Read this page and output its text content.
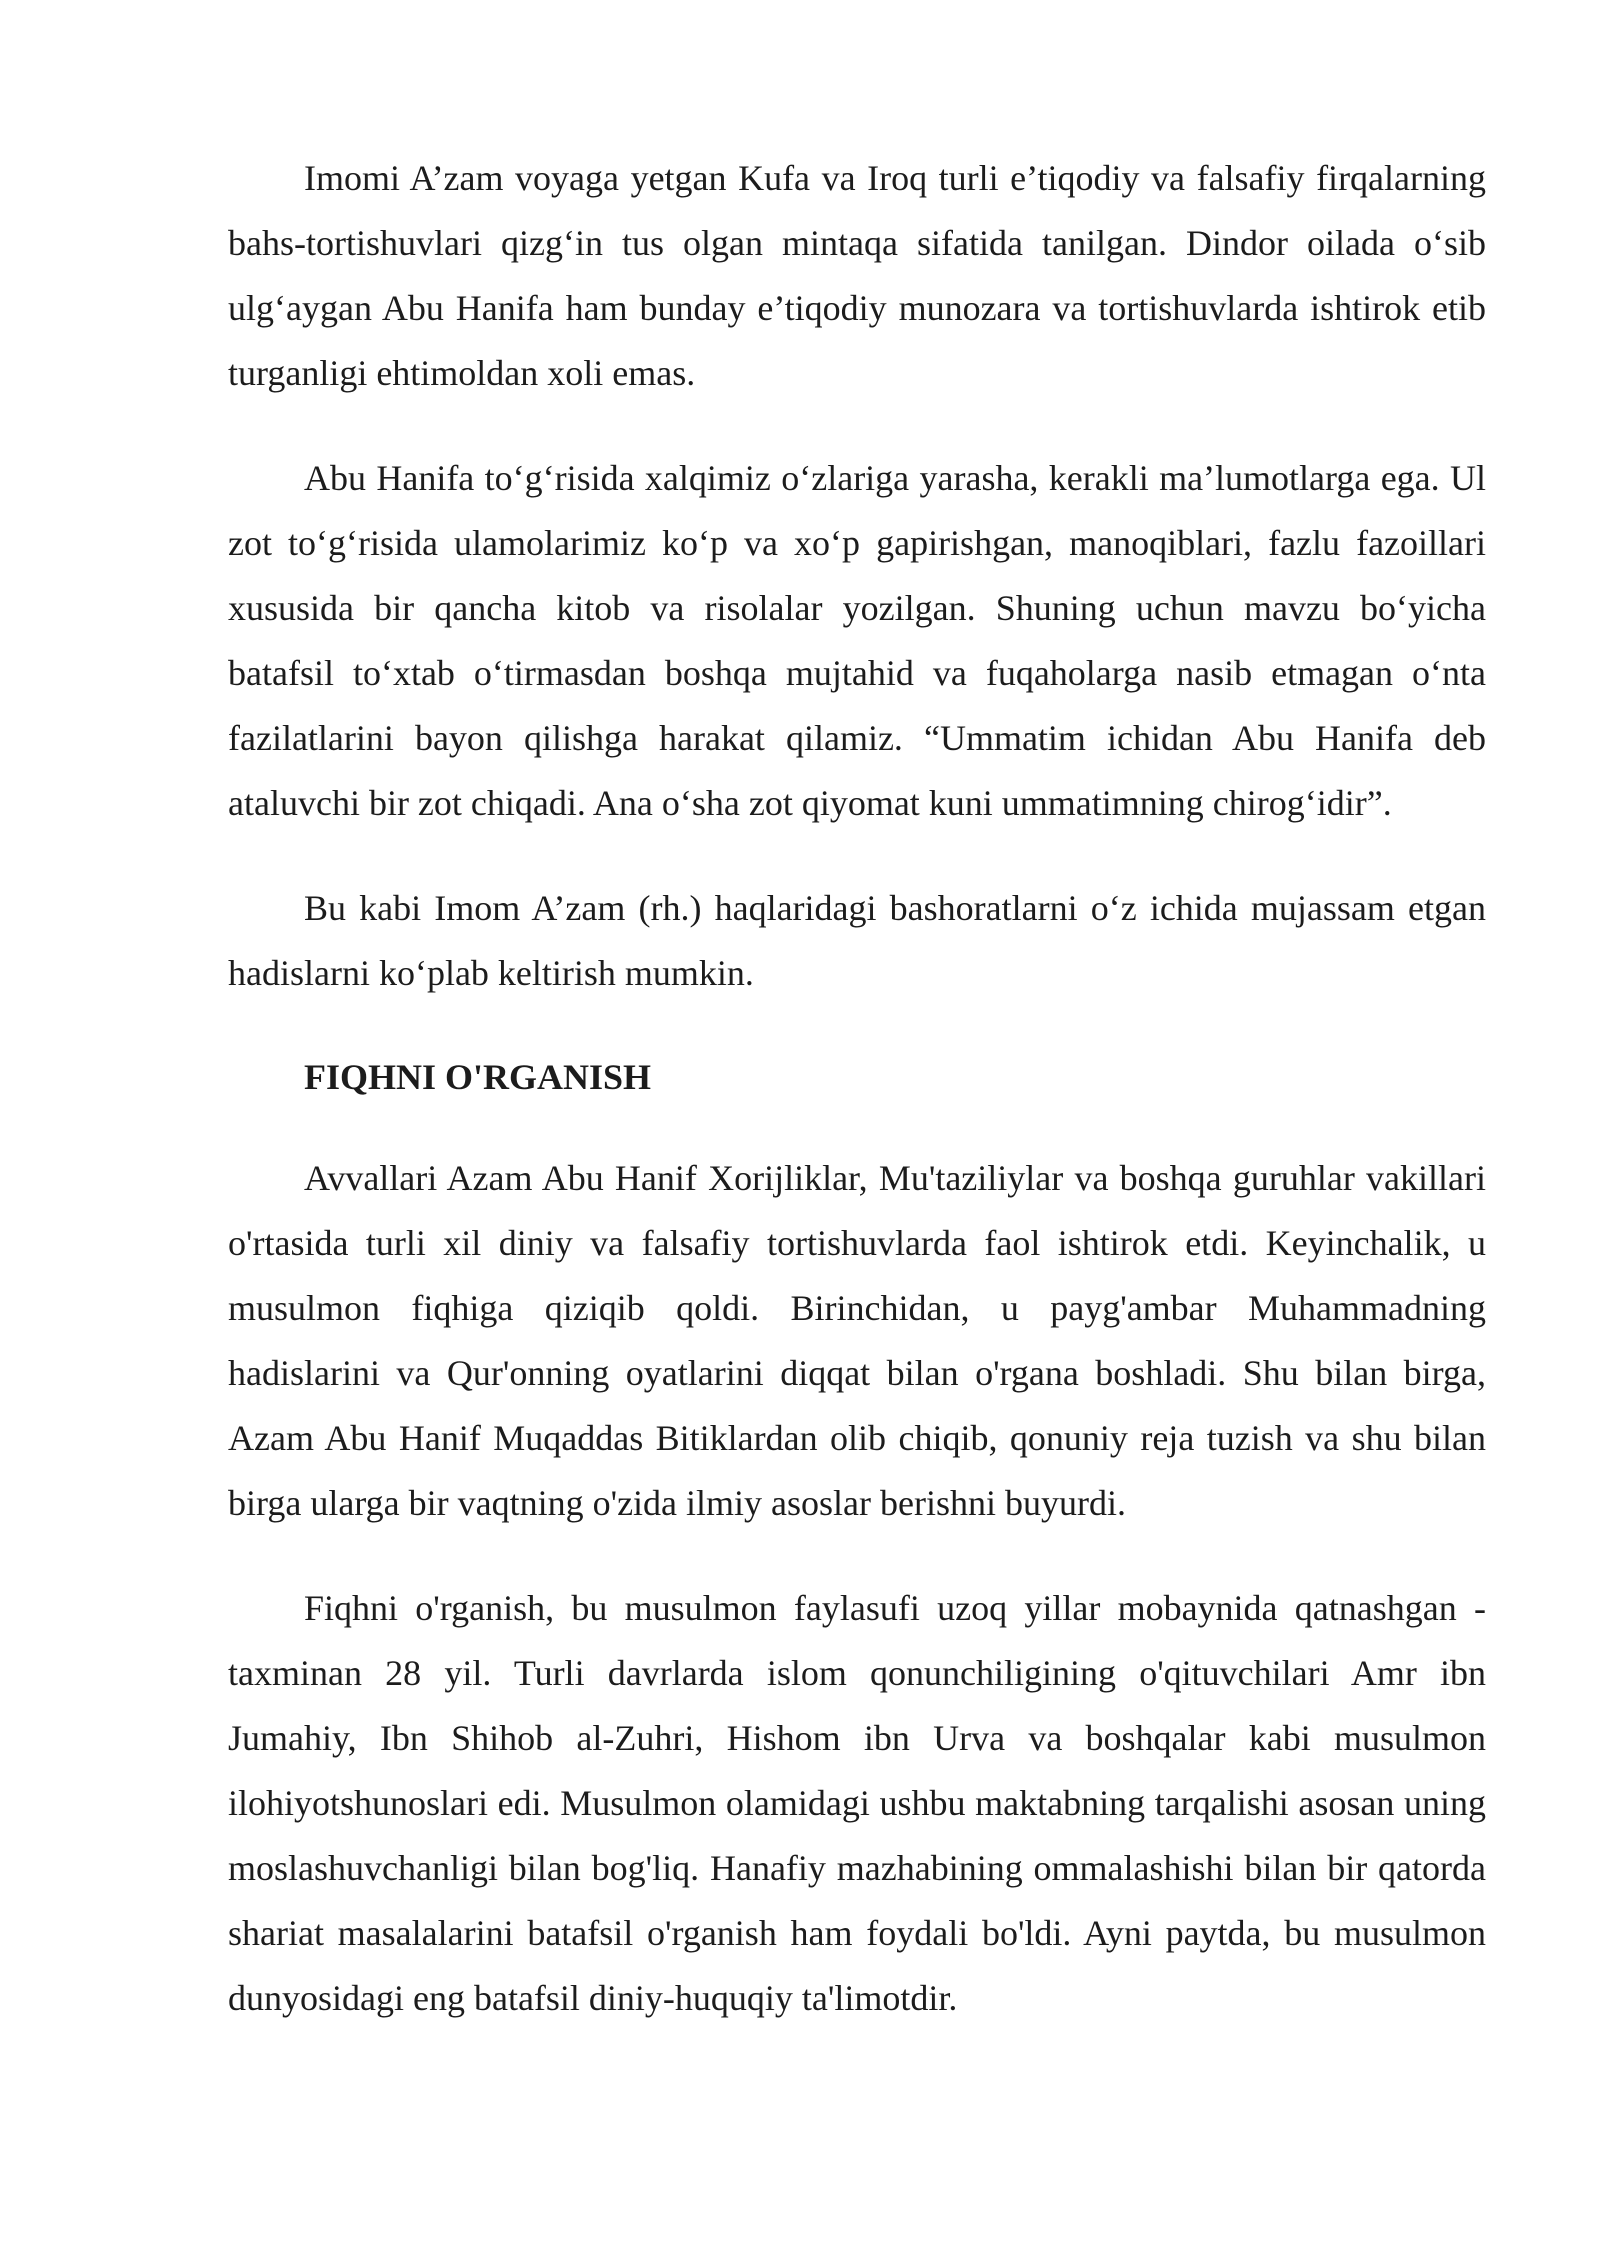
Imomi A’zam voyaga yetgan Kufa va Iroq turli e’tiqodiy va falsafiy firqalarning bahs-tortishuvlari qizg‘in tus olgan mintaqa sifatida tanilgan. Dindor oilada o‘sib ulg‘aygan Abu Hanifa ham bunday e’tiqodiy munozara va tortishuvlarda ishtirok etib turganligi ehtimoldan xoli emas.

Abu Hanifa to‘g‘risida xalqimiz o‘zlariga yarasha, kerakli ma’lumotlarga ega. Ul zot to‘g‘risida ulamolarimiz ko‘p va xo‘p gapirishgan, manoqiblari, fazlu fazoillari xususida bir qancha kitob va risolalar yozilgan. Shuning uchun mavzu bo‘yicha batafsil to‘xtab o‘tirmasdan boshqa mujtahid va fuqaholarga nasib etmagan o‘nta fazilatlarini bayon qilishga harakat qilamiz. “Ummatim ichidan Abu Hanifa deb ataluvchi bir zot chiqadi. Ana o‘sha zot qiyomat kuni ummatimning chirog‘idir”.

Bu kabi Imom A’zam (rh.) haqlaridagi bashoratlarni o‘z ichida mujassam etgan hadislarni ko‘plab keltirish mumkin.

FIQHNI O'RGANISH

Avvallari Azam Abu Hanif Xorijliklar, Mu'taziliylar va boshqa guruhlar vakillari o'rtasida turli xil diniy va falsafiy tortishuvlarda faol ishtirok etdi. Keyinchalik, u musulmon fiqhiga qiziqib qoldi. Birinchidan, u payg'ambar Muhammadning hadislarini va Qur'onning oyatlarini diqqat bilan o'rgana boshladi. Shu bilan birga, Azam Abu Hanif Muqaddas Bitiklardan olib chiqib, qonuniy reja tuzish va shu bilan birga ularga bir vaqtning o'zida ilmiy asoslar berishni buyurdi.

Fiqhni o'rganish, bu musulmon faylasufi uzoq yillar mobaynida qatnashgan - taxminan 28 yil. Turli davrlarda islom qonunchiligining o'qituvchilari Amr ibn Jumahiy, Ibn Shihob al-Zuhri, Hishom ibn Urva va boshqalar kabi musulmon ilohiyotshunoslari edi. Musulmon olamidagi ushbu maktabning tarqalishi asosan uning moslashuvchanligi bilan bog'liq. Hanafiy mazhabining ommalashishi bilan bir qatorda shariat masalalarini batafsil o'rganish ham foydali bo'ldi. Ayni paytda, bu musulmon dunyosidagi eng batafsil diniy-huquqiy ta'limotdir.
